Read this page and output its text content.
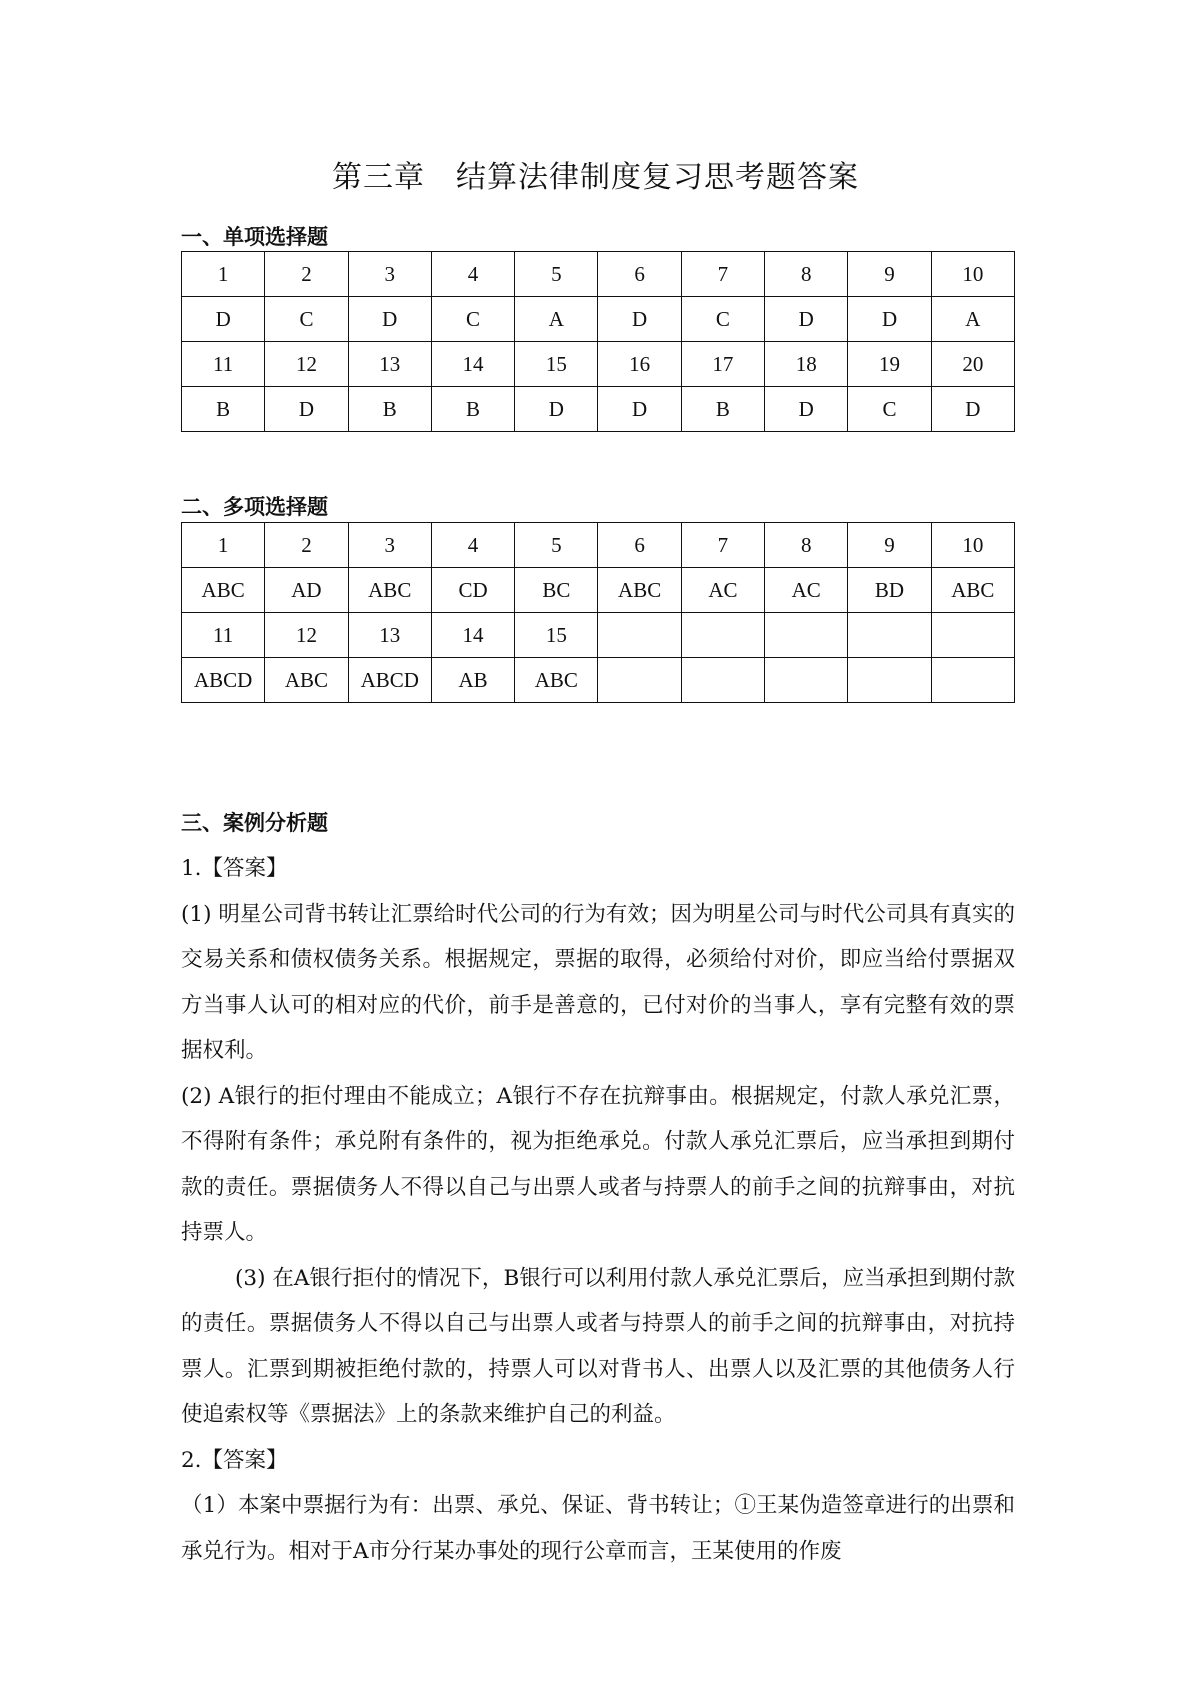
第三章　结算法律制度复习思考题答案
一、单项选择题
1	2	3	4	5	6	7	8	9	10
D	C	D	C	A	D	C	D	D	A
11	12	13	14	15	16	17	18	19	20
B	D	B	B	D	D	B	D	C	D
二、多项选择题
1	2	3	4	5	6	7	8	9	10
ABC	AD	ABC	CD	BC	ABC	AC	AC	BD	ABC
11	12	13	14	15					
ABCD	ABC	ABCD	AB	ABC					
三、案例分析题

1.【答案】

(1) 明星公司背书转让汇票给时代公司的行为有效；因为明星公司与时代公司具有真实的交易关系和债权债务关系。根据规定，票据的取得，必须给付对价，即应当给付票据双方当事人认可的相对应的代价，前手是善意的，已付对价的当事人，享有完整有效的票据权利。

(2) A银行的拒付理由不能成立；A银行不存在抗辩事由。根据规定，付款人承兑汇票，不得附有条件；承兑附有条件的，视为拒绝承兑。付款人承兑汇票后，应当承担到期付款的责任。票据债务人不得以自己与出票人或者与持票人的前手之间的抗辩事由，对抗持票人。

(3) 在A银行拒付的情况下，B银行可以利用付款人承兑汇票后，应当承担到期付款的责任。票据债务人不得以自己与出票人或者与持票人的前手之间的抗辩事由，对抗持票人。汇票到期被拒绝付款的，持票人可以对背书人、出票人以及汇票的其他债务人行使追索权等《票据法》上的条款来维护自己的利益。

2.【答案】

（1）本案中票据行为有：出票、承兑、保证、背书转让；①王某伪造签章进行的出票和承兑行为。相对于A市分行某办事处的现行公章而言，王某使用的作废
